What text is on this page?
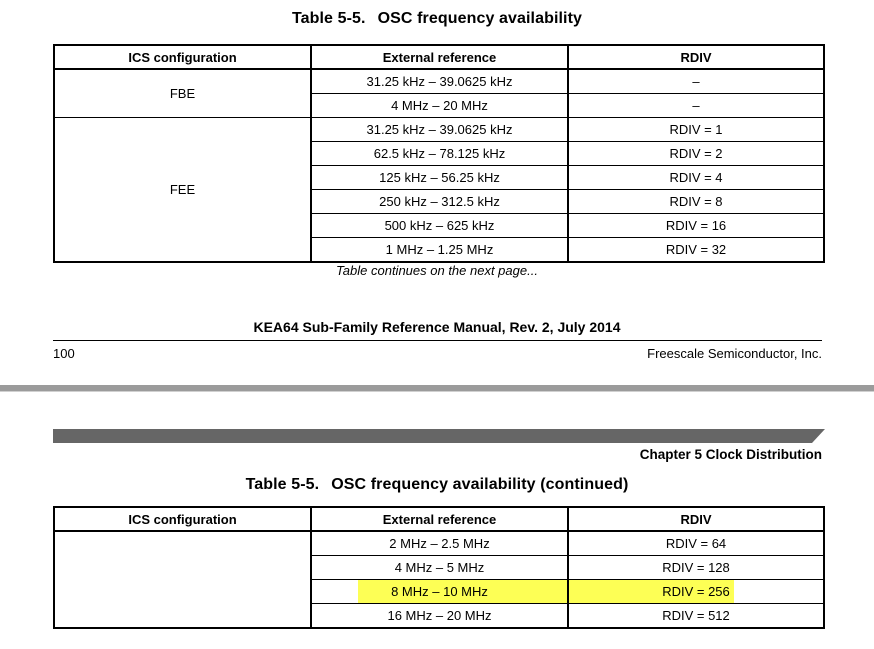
Table 5-5. OSC frequency availability
ICS configuration	External reference	RDIV
FBE	31.25 kHz – 39.0625 kHz	–
	4 MHz – 20 MHz	–
FEE	31.25 kHz – 39.0625 kHz	RDIV = 1
	62.5 kHz – 78.125 kHz	RDIV = 2
	125 kHz – 56.25 kHz	RDIV = 4
	250 kHz – 312.5 kHz	RDIV = 8
	500 kHz – 625 kHz	RDIV = 16
	1 MHz – 1.25 MHz	RDIV = 32
Table continues on the next page...
KEA64 Sub-Family Reference Manual, Rev. 2, July 2014
100	Freescale Semiconductor, Inc.
Chapter 5 Clock Distribution
Table 5-5. OSC frequency availability (continued)
ICS configuration	External reference	RDIV
	2 MHz – 2.5 MHz	RDIV = 64
	4 MHz – 5 MHz	RDIV = 128
	8 MHz – 10 MHz	RDIV = 256
	16 MHz – 20 MHz	RDIV = 512
